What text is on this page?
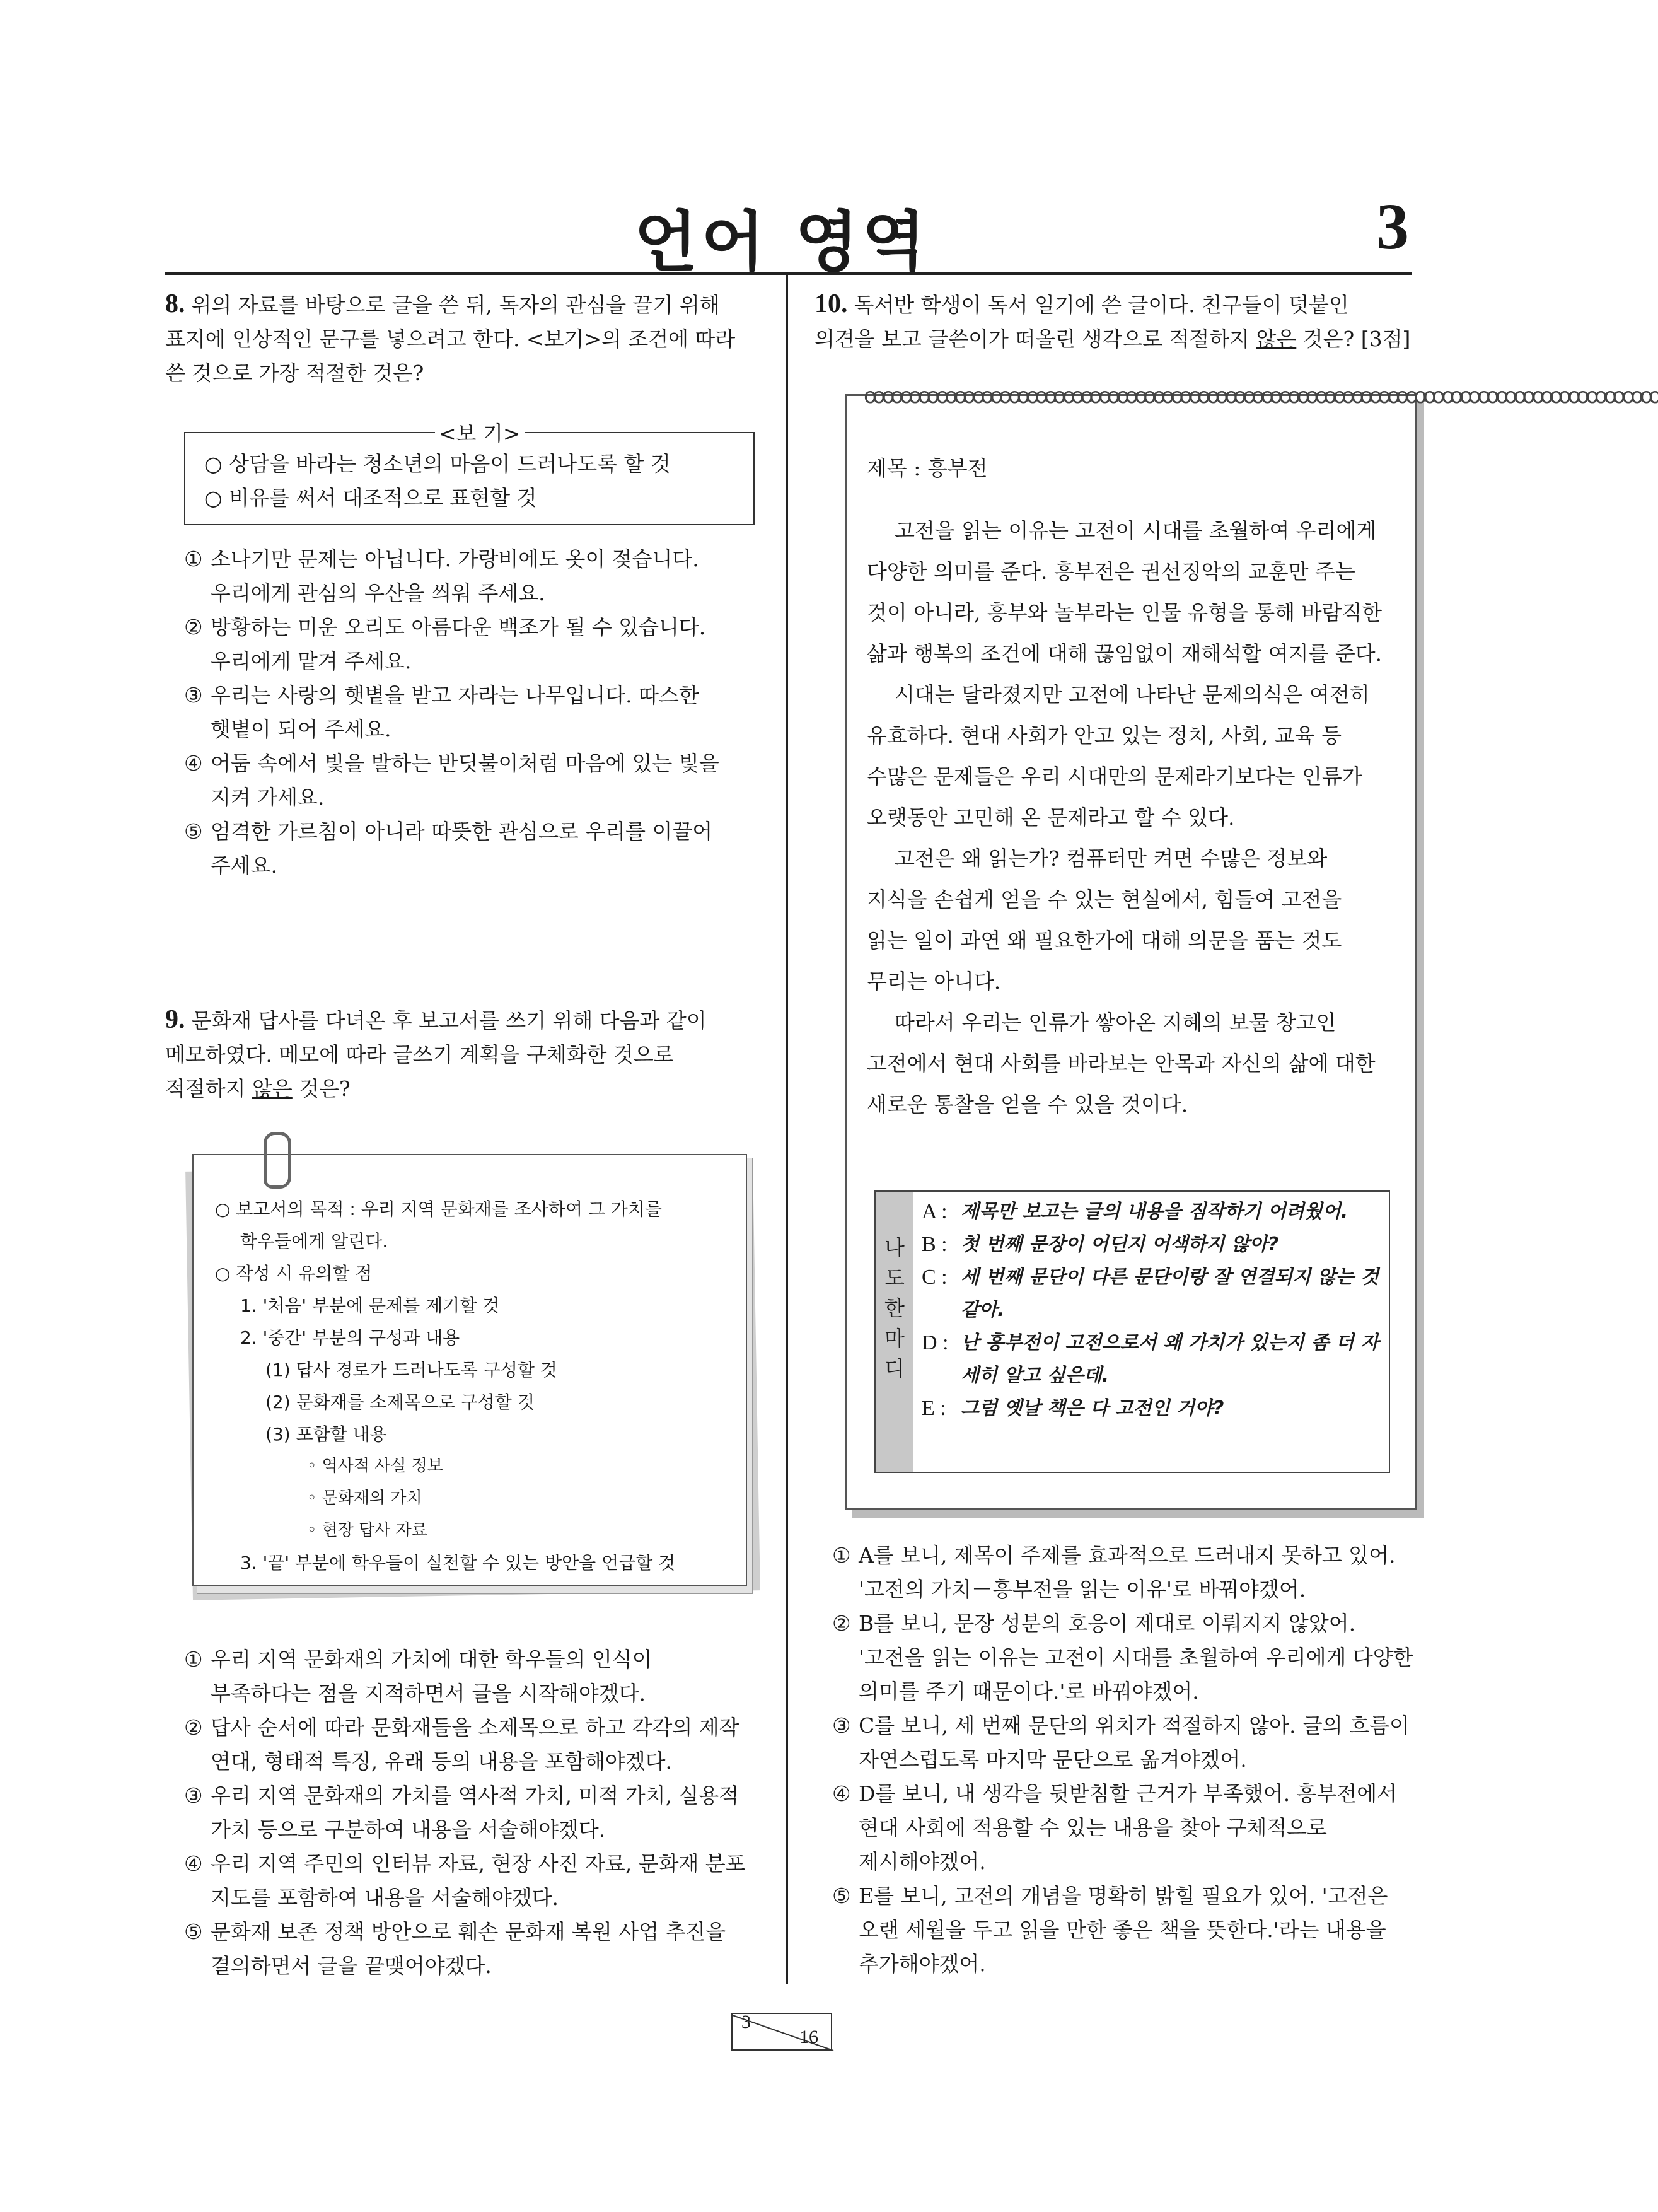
언어 영역	3
8. 위의 자료를 바탕으로 글을 쓴 뒤, 독자의 관심을 끌기 위해 표지에 인상적인 문구를 넣으려고 한다. <보기>의 조건에 따라 쓴 것으로 가장 적절한 것은?
○ 상담을 바라는 청소년의 마음이 드러나도록 할 것
○ 비유를 써서 대조적으로 표현할 것
<보 기>
① 소나기만 문제는 아닙니다. 가랑비에도 옷이 젖습니다. 우리에게 관심의 우산을 씌워 주세요.
② 방황하는 미운 오리도 아름다운 백조가 될 수 있습니다. 우리에게 맡겨 주세요.
③ 우리는 사랑의 햇볕을 받고 자라는 나무입니다. 따스한 햇볕이 되어 주세요.
④ 어둠 속에서 빛을 발하는 반딧불이처럼 마음에 있는 빛을 지켜 가세요.
⑤ 엄격한 가르침이 아니라 따뜻한 관심으로 우리를 이끌어 주세요.
9. 문화재 답사를 다녀온 후 보고서를 쓰기 위해 다음과 같이 메모하였다. 메모에 따라 글쓰기 계획을 구체화한 것으로 적절하지 않은 것은?
○ 보고서의 목적 : 우리 지역 문화재를 조사하여 그 가치를
학우들에게 알린다.
○ 작성 시 유의할 점
1. '처음' 부분에 문제를 제기할 것
2. '중간' 부분의 구성과 내용
(1) 답사 경로가 드러나도록 구성할 것
(2) 문화재를 소제목으로 구성할 것
(3) 포함할 내용
◦ 역사적 사실 정보
◦ 문화재의 가치
◦ 현장 답사 자료
3. '끝' 부분에 학우들이 실천할 수 있는 방안을 언급할 것
① 우리 지역 문화재의 가치에 대한 학우들의 인식이 부족하다는 점을 지적하면서 글을 시작해야겠다.
② 답사 순서에 따라 문화재들을 소제목으로 하고 각각의 제작 연대, 형태적 특징, 유래 등의 내용을 포함해야겠다.
③ 우리 지역 문화재의 가치를 역사적 가치, 미적 가치, 실용적 가치 등으로 구분하여 내용을 서술해야겠다.
④ 우리 지역 주민의 인터뷰 자료, 현장 사진 자료, 문화재 분포 지도를 포함하여 내용을 서술해야겠다.
⑤ 문화재 보존 정책 방안으로 훼손 문화재 복원 사업 추진을 결의하면서 글을 끝맺어야겠다.
10. 독서반 학생이 독서 일기에 쓴 글이다. 친구들이 덧붙인 의견을 보고 글쓴이가 떠올린 생각으로 적절하지 않은 것은? [3점]
ꝏꝏꝏꝏꝏꝏꝏꝏꝏꝏꝏꝏꝏꝏꝏꝏꝏꝏꝏꝏꝏꝏꝏꝏꝏꝏꝏꝏꝏꝏꝏꝏꝏꝏꝏꝏꝏꝏꝏꝏꝏꝏꝏꝏ

제목 : 흥부전

고전을 읽는 이유는 고전이 시대를 초월하여 우리에게 다양한 의미를 준다. 흥부전은 권선징악의 교훈만 주는 것이 아니라, 흥부와 놀부라는 인물 유형을 통해 바람직한 삶과 행복의 조건에 대해 끊임없이 재해석할 여지를 준다.

시대는 달라졌지만 고전에 나타난 문제의식은 여전히 유효하다. 현대 사회가 안고 있는 정치, 사회, 교육 등 수많은 문제들은 우리 시대만의 문제라기보다는 인류가 오랫동안 고민해 온 문제라고 할 수 있다.

고전은 왜 읽는가? 컴퓨터만 켜면 수많은 정보와 지식을 손쉽게 얻을 수 있는 현실에서, 힘들여 고전을 읽는 일이 과연 왜 필요한가에 대해 의문을 품는 것도 무리는 아니다.

따라서 우리는 인류가 쌓아온 지혜의 보물 창고인 고전에서 현대 사회를 바라보는 안목과 자신의 삶에 대한 새로운 통찰을 얻을 수 있을 것이다.

나
도
한
마
디
A : 제목만 보고는 글의 내용을 짐작하기 어려웠어.
B : 첫 번째 문장이 어딘지 어색하지 않아?
C : 세 번째 문단이 다른 문단이랑 잘 연결되지 않는 것 같아.
D : 난 흥부전이 고전으로서 왜 가치가 있는지 좀 더 자세히 알고 싶은데.
E : 그럼 옛날 책은 다 고전인 거야?
① A를 보니, 제목이 주제를 효과적으로 드러내지 못하고 있어. '고전의 가치－흥부전을 읽는 이유'로 바꿔야겠어.
② B를 보니, 문장 성분의 호응이 제대로 이뤄지지 않았어. '고전을 읽는 이유는 고전이 시대를 초월하여 우리에게 다양한 의미를 주기 때문이다.'로 바꿔야겠어.
③ C를 보니, 세 번째 문단의 위치가 적절하지 않아. 글의 흐름이 자연스럽도록 마지막 문단으로 옮겨야겠어.
④ D를 보니, 내 생각을 뒷받침할 근거가 부족했어. 흥부전에서 현대 사회에 적용할 수 있는 내용을 찾아 구체적으로 제시해야겠어.
⑤ E를 보니, 고전의 개념을 명확히 밝힐 필요가 있어. '고전은 오랜 세월을 두고 읽을 만한 좋은 책을 뜻한다.'라는 내용을 추가해야겠어.
3
16
